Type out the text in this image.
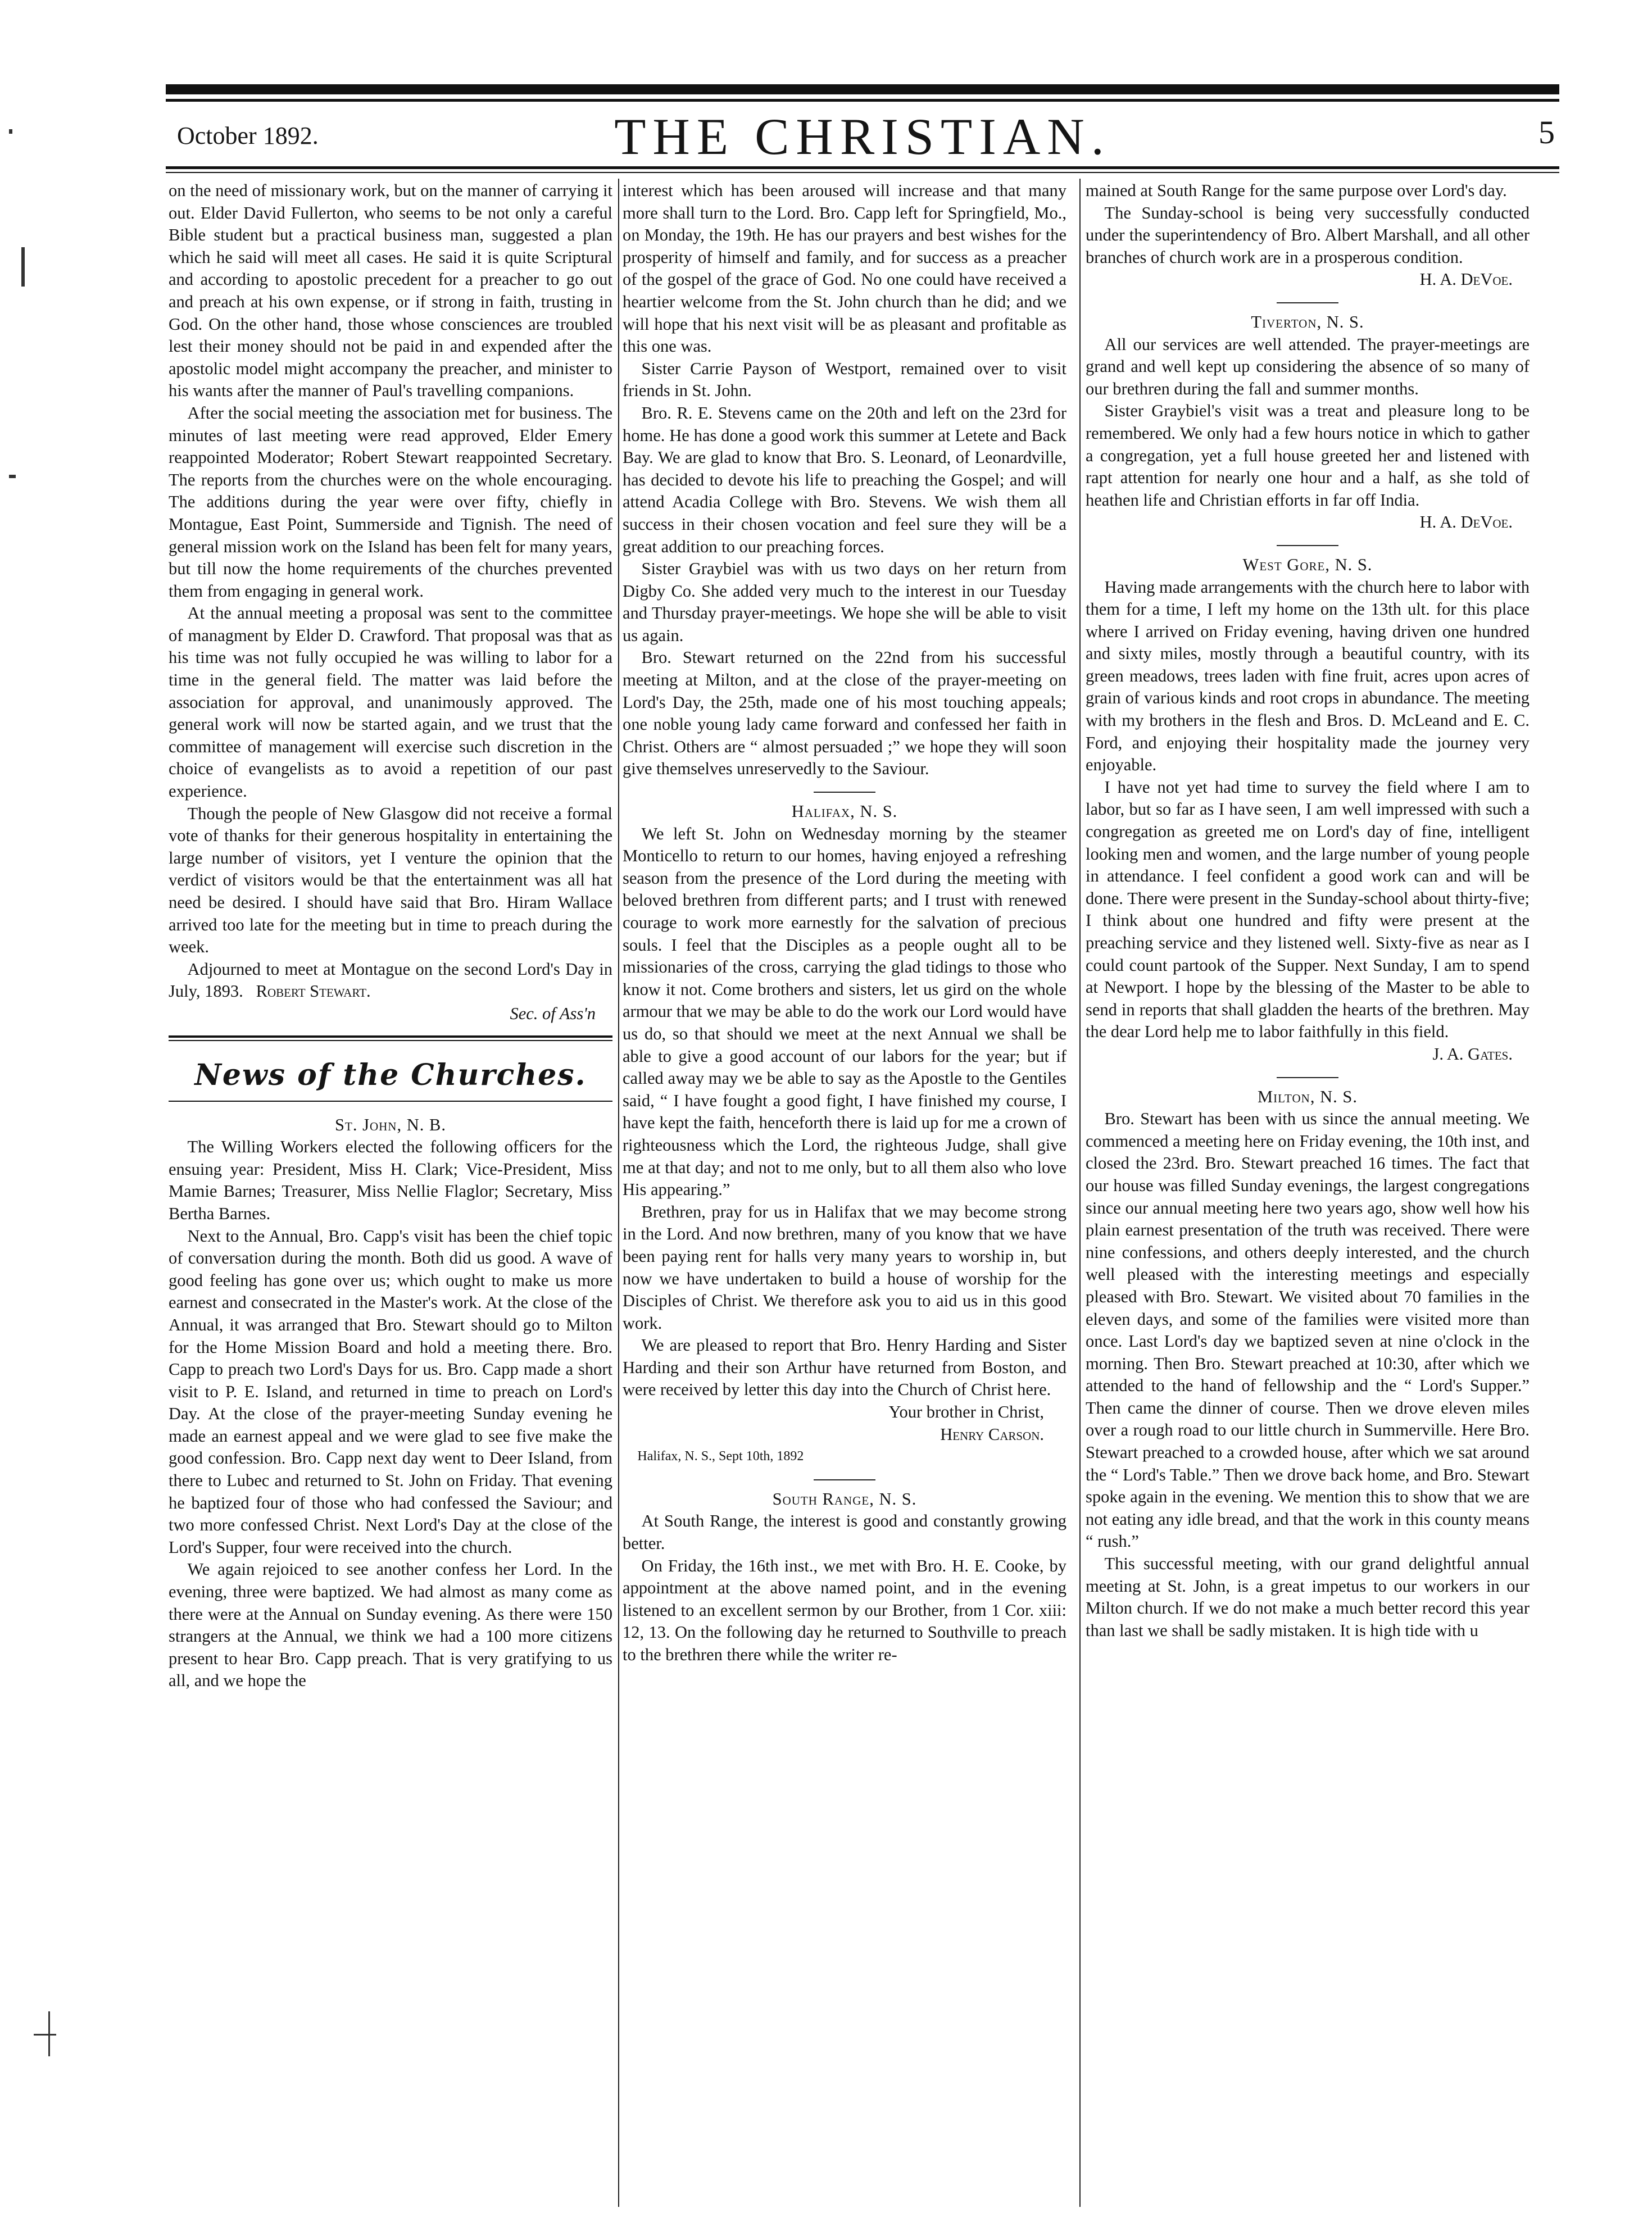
October 1892.	THE CHRISTIAN.	5

on the need of missionary work, but on the manner of carrying it out. Elder David Fullerton, who seems to be not only a careful Bible student but a practical business man, suggested a plan which he said will meet all cases. He said it is quite Scriptural and according to apostolic precedent for a preacher to go out and preach at his own expense, or if strong in faith, trusting in God. On the other hand, those whose consciences are troubled lest their money should not be paid in and expended after the apostolic model might accompany the preacher, and minister to his wants after the manner of Paul's travelling companions.

After the social meeting the association met for business. The minutes of last meeting were read approved, Elder Emery reappointed Moderator; Robert Stewart reappointed Secretary. The reports from the churches were on the whole encouraging. The additions during the year were over fifty, chiefly in Montague, East Point, Summerside and Tignish. The need of general mission work on the Island has been felt for many years, but till now the home requirements of the churches prevented them from engaging in general work.

At the annual meeting a proposal was sent to the committee of managment by Elder D. Crawford. That proposal was that as his time was not fully occupied he was willing to labor for a time in the general field. The matter was laid before the association for approval, and unanimously approved. The general work will now be started again, and we trust that the committee of management will exercise such discretion in the choice of evangelists as to avoid a repetition of our past experience.

Though the people of New Glasgow did not receive a formal vote of thanks for their generous hospitality in entertaining the large number of visitors, yet I venture the opinion that the verdict of visitors would be that the entertainment was all hat need be desired. I should have said that Bro. Hiram Wallace arrived too late for the meeting but in time to preach during the week.

Adjourned to meet at Montague on the second Lord's Day in July, 1893. Robert Stewart.

Sec. of Ass'n

News of the Churches.

St. John, N. B.

The Willing Workers elected the following officers for the ensuing year: President, Miss H. Clark; Vice-President, Miss Mamie Barnes; Treasurer, Miss Nellie Flaglor; Secretary, Miss Bertha Barnes.

Next to the Annual, Bro. Capp's visit has been the chief topic of conversation during the month. Both did us good. A wave of good feeling has gone over us; which ought to make us more earnest and consecrated in the Master's work. At the close of the Annual, it was arranged that Bro. Stewart should go to Milton for the Home Mission Board and hold a meeting there. Bro. Capp to preach two Lord's Days for us. Bro. Capp made a short visit to P. E. Island, and returned in time to preach on Lord's Day. At the close of the prayer-meeting Sunday evening he made an earnest appeal and we were glad to see five make the good confession. Bro. Capp next day went to Deer Island, from there to Lubec and returned to St. John on Friday. That evening he baptized four of those who had confessed the Saviour; and two more confessed Christ. Next Lord's Day at the close of the Lord's Supper, four were received into the church.

We again rejoiced to see another confess her Lord. In the evening, three were baptized. We had almost as many come as there were at the Annual on Sunday evening. As there were 150 strangers at the Annual, we think we had a 100 more citizens present to hear Bro. Capp preach. That is very gratifying to us all, and we hope the

interest which has been aroused will increase and that many more shall turn to the Lord. Bro. Capp left for Springfield, Mo., on Monday, the 19th. He has our prayers and best wishes for the prosperity of himself and family, and for success as a preacher of the gospel of the grace of God. No one could have received a heartier welcome from the St. John church than he did; and we will hope that his next visit will be as pleasant and profitable as this one was.

Sister Carrie Payson of Westport, remained over to visit friends in St. John.

Bro. R. E. Stevens came on the 20th and left on the 23rd for home. He has done a good work this summer at Letete and Back Bay. We are glad to know that Bro. S. Leonard, of Leonardville, has decided to devote his life to preaching the Gospel; and will attend Acadia College with Bro. Stevens. We wish them all success in their chosen vocation and feel sure they will be a great addition to our preaching forces.

Sister Graybiel was with us two days on her return from Digby Co. She added very much to the interest in our Tuesday and Thursday prayer-meetings. We hope she will be able to visit us again.

Bro. Stewart returned on the 22nd from his successful meeting at Milton, and at the close of the prayer-meeting on Lord's Day, the 25th, made one of his most touching appeals; one noble young lady came forward and confessed her faith in Christ. Others are “ almost persuaded ;” we hope they will soon give themselves unreservedly to the Saviour.

Halifax, N. S.

We left St. John on Wednesday morning by the steamer Monticello to return to our homes, having enjoyed a refreshing season from the presence of the Lord during the meeting with beloved brethren from different parts; and I trust with renewed courage to work more earnestly for the salvation of precious souls. I feel that the Disciples as a people ought all to be missionaries of the cross, carrying the glad tidings to those who know it not. Come brothers and sisters, let us gird on the whole armour that we may be able to do the work our Lord would have us do, so that should we meet at the next Annual we shall be able to give a good account of our labors for the year; but if called away may we be able to say as the Apostle to the Gentiles said, “ I have fought a good fight, I have finished my course, I have kept the faith, henceforth there is laid up for me a crown of righteousness which the Lord, the righteous Judge, shall give me at that day; and not to me only, but to all them also who love His appearing.”

Brethren, pray for us in Halifax that we may become strong in the Lord. And now brethren, many of you know that we have been paying rent for halls very many years to worship in, but now we have undertaken to build a house of worship for the Disciples of Christ. We therefore ask you to aid us in this good work.

We are pleased to report that Bro. Henry Harding and Sister Harding and their son Arthur have returned from Boston, and were received by letter this day into the Church of Christ here.

Your brother in Christ,

Henry Carson.

Halifax, N. S., Sept 10th, 1892

South Range, N. S.

At South Range, the interest is good and constantly growing better.

On Friday, the 16th inst., we met with Bro. H. E. Cooke, by appointment at the above named point, and in the evening listened to an excellent sermon by our Brother, from 1 Cor. xiii: 12, 13. On the following day he returned to Southville to preach to the brethren there while the writer re-

mained at South Range for the same purpose over Lord's day.

The Sunday-school is being very successfully conducted under the superintendency of Bro. Albert Marshall, and all other branches of church work are in a prosperous condition.

H. A. DeVoe.

Tiverton, N. S.

All our services are well attended. The prayer-meetings are grand and well kept up considering the absence of so many of our brethren during the fall and summer months.

Sister Graybiel's visit was a treat and pleasure long to be remembered. We only had a few hours notice in which to gather a congregation, yet a full house greeted her and listened with rapt attention for nearly one hour and a half, as she told of heathen life and Christian efforts in far off India.

H. A. DeVoe.

West Gore, N. S.

Having made arrangements with the church here to labor with them for a time, I left my home on the 13th ult. for this place where I arrived on Friday evening, having driven one hundred and sixty miles, mostly through a beautiful country, with its green meadows, trees laden with fine fruit, acres upon acres of grain of various kinds and root crops in abundance. The meeting with my brothers in the flesh and Bros. D. McLeand and E. C. Ford, and enjoying their hospitality made the journey very enjoyable.

I have not yet had time to survey the field where I am to labor, but so far as I have seen, I am well impressed with such a congregation as greeted me on Lord's day of fine, intelligent looking men and women, and the large number of young people in attendance. I feel confident a good work can and will be done. There were present in the Sunday-school about thirty-five; I think about one hundred and fifty were present at the preaching service and they listened well. Sixty-five as near as I could count partook of the Supper. Next Sunday, I am to spend at Newport. I hope by the blessing of the Master to be able to send in reports that shall gladden the hearts of the brethren. May the dear Lord help me to labor faithfully in this field.

J. A. Gates.

Milton, N. S.

Bro. Stewart has been with us since the annual meeting. We commenced a meeting here on Friday evening, the 10th inst, and closed the 23rd. Bro. Stewart preached 16 times. The fact that our house was filled Sunday evenings, the largest congregations since our annual meeting here two years ago, show well how his plain earnest presentation of the truth was received. There were nine confessions, and others deeply interested, and the church well pleased with the interesting meetings and especially pleased with Bro. Stewart. We visited about 70 families in the eleven days, and some of the families were visited more than once. Last Lord's day we baptized seven at nine o'clock in the morning. Then Bro. Stewart preached at 10:30, after which we attended to the hand of fellowship and the “ Lord's Supper.” Then came the dinner of course. Then we drove eleven miles over a rough road to our little church in Summerville. Here Bro. Stewart preached to a crowded house, after which we sat around the “ Lord's Table.” Then we drove back home, and Bro. Stewart spoke again in the evening. We mention this to show that we are not eating any idle bread, and that the work in this county means “ rush.”

This successful meeting, with our grand delightful annual meeting at St. John, is a great impetus to our workers in our Milton church. If we do not make a much better record this year than last we shall be sadly mistaken. It is high tide with u
